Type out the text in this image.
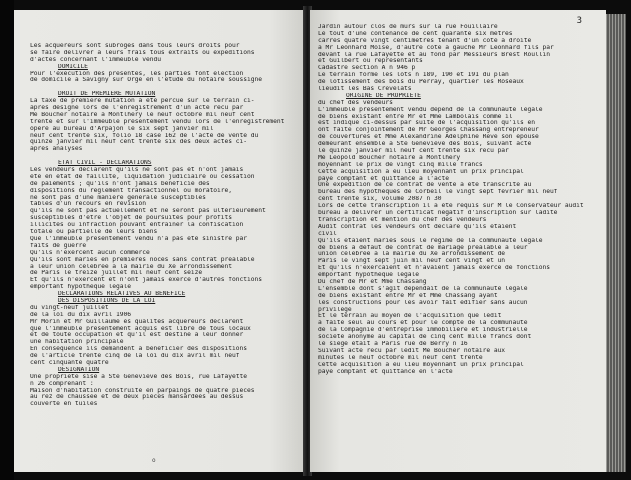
Les acquereurs sont subroges dans tous leurs droits pour
se faire delivrer a leurs frais tous extraits ou expeditions
d'actes concernant l'immeuble vendu
DOMICILE
Pour l'execution des presentes, les parties font election
de domicile a Savigny sur Orge en l'etude du notaire soussigne
DROIT DE PREMIERE MUTATION
La taxe de premiere mutation a ete percue sur le terrain ci-
apres designe lors de l'enregistrement d'un acte recu par
Me Boucher notaire a Montlhery le neuf octobre mil neuf cent
trente et sur l'immeuble presentement vendu lors de l'enregistrement
opere au bureau d'Arpajon le six sept janvier mil
neuf cent trente six, folio 18 case 162 de l'acte de vente du
quinze janvier mil neuf cent trente six des deux actes ci-
apres analyses
ETAT CIVIL - DECLARATIONS
Les vendeurs declarent qu'ils ne sont pas et n'ont jamais
ete en etat de faillite, liquidation judiciaire ou cessation
de paiements ; qu'ils n'ont jamais beneficie des
dispositions du reglement transactionnel ou moratoire,
ne sont pas d'une maniere generale susceptibles
tables d'un recours en revision
qu'ils ne sont pas actuellement et ne seront pas ulterieurement
susceptibles d'etre l'objet de poursuites pour profits
illicites ou infraction pouvant entrainer la confiscation
totale ou partielle de leurs biens
Que l'immeuble presentement vendu n'a pas ete sinistre par
faits de guerre
Qu'ils n'exercent aucun commerce
Qu'ils sont maries en premieres noces sans contrat prealable
a leur union celebree a la mairie du Xe arrondissement
de Paris le treize juillet mil neuf cent seize
Et qu'ils n'exercent et n'ont jamais exerce d'autres fonctions
emportant hypotheque legale
DECLARATIONS RELATIVES AU BENEFICE
DES DISPOSITIONS DE LA LOI
du vingt-neuf juillet
de la loi du dix avril 1906
Mr Morin et Mr Guillaume es qualites acquereurs declarent
que l'immeuble presentement acquis est libre de tous locaux
et de toute occupation et qu'il est destine a leur donner
une habitation principale
En consequence ils demandent a beneficier des dispositions
de l'article trente cinq de la loi du dix avril mil neuf
cent cinquante quatre
DESIGNATION
Une propriete sise a Ste Genevieve des Bois, rue Lafayette
n 26 comprenant :
Maison d'habitation construite en parpaings de quatre pieces
au rez de chaussee et de deux pieces mansardees au dessus
couverte en tuiles
o
3
Jardin autour clos de murs sur la rue Fouillaire
Le tout d'une contenance de cent quarante six metres
carres quatre vingt centimetres tenant d'un cote a droite
a Mr Leonhard Moise, d'autre cote a gauche Mr Leonhard fils par
devant la rue Lafayette et au fond par Messieurs Brest Roullin
et Guilbert ou representants
Cadastre section A n 946 p
Le terrain forme les lots n 189, 190 et 191 du plan
de lotissement des bois du Perray, quartier les Roseaux
lieudit les Bas Crevelats
ORIGINE DE PROPRIETE
du chef des vendeurs
L'immeuble presentement vendu depend de la communaute legale
de biens existant entre Mr et Mme Lambolais comme il
est indique ci-dessus par suite de l'acquisition qu'ils en
ont faite conjointement de Mr Georges Chassang entrepreneur
de couvertures et Mme Alexandrine Adelphine Reve son epouse
demeurant ensemble a Ste Genevieve des Bois, suivant acte
le quinze janvier mil neuf cent trente six recu par
Me Leopold Boucher notaire a Montlhery
moyennant le prix de vingt cinq mille francs
Cette acquisition a eu lieu moyennant un prix principal
paye comptant et quittance a l'acte
Une expedition de ce contrat de vente a ete transcrite au
bureau des hypotheques de Corbeil le vingt sept fevrier mil neuf
cent trente six, volume 2087 n 30
Lors de cette transcription il a ete requis sur M le Conservateur audit
bureau a delivrer un certificat negatif d'inscription sur ladite
transcription et mention du chef des vendeurs
Audit contrat les vendeurs ont declare qu'ils etaient
civil
Qu'ils etaient maries sous le regime de la communaute legale
de biens a defaut de contrat de mariage prealable a leur
union celebree a la mairie du Xe arrondissement de
Paris le vingt sept juin mil neuf cent vingt et un
Et qu'ils n'exercaient et n'avaient jamais exerce de fonctions
emportant hypotheque legale
Du chef de Mr et Mme Chassang
L'ensemble dont s'agit dependait de la communaute legale
de biens existant entre Mr et Mme Chassang ayant
les constructions pour les avoir fait edifier sans aucun
privilege
Et le terrain au moyen de l'acquisition que ledit
a faite seul au cours et pour le compte de la communaute
de la Compagnie d'entreprise immobiliere et industrielle
societe anonyme au capital de cinq cent mille francs dont
le siege etait a Paris rue de Berry n 16
Suivant acte recu par ledit Me Boucher notaire aux
minutes le neuf octobre mil neuf cent trente
Cette acquisition a eu lieu moyennant un prix principal
paye comptant et quittance en l'acte
